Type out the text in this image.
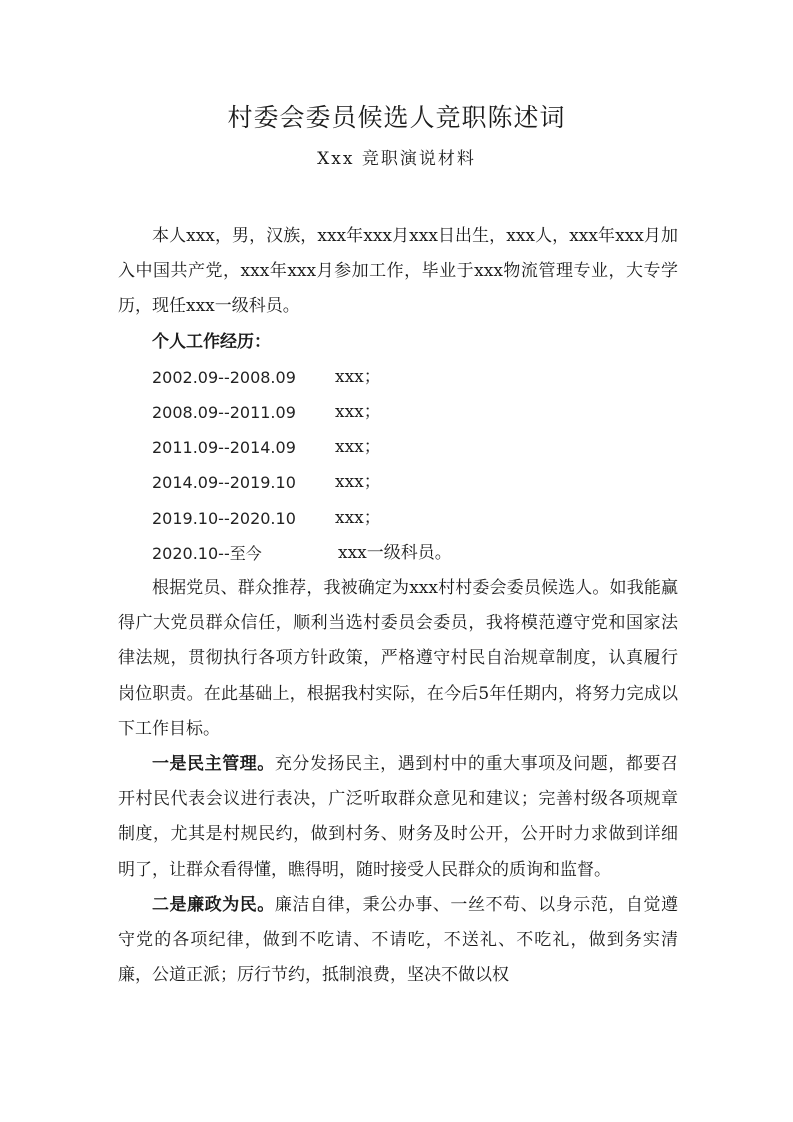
村委会委员候选人竞职陈述词
Xxx 竞职演说材料

本人xxx，男，汉族，xxx年xxx月xxx日出生，xxx人，xxx年xxx月加入中国共产党，xxx年xxx月参加工作，毕业于xxx物流管理专业，大专学历，现任xxx一级科员。

个人工作经历：

2002.09--2008.09	xxx；
2008.09--2011.09	xxx；
2011.09--2014.09	xxx；
2014.09--2019.10	xxx；
2019.10--2020.10	xxx；
2020.10--至今	xxx一级科员。

根据党员、群众推荐，我被确定为xxx村村委会委员候选人。如我能赢得广大党员群众信任，顺利当选村委员会委员，我将模范遵守党和国家法律法规，贯彻执行各项方针政策，严格遵守村民自治规章制度，认真履行岗位职责。在此基础上，根据我村实际，在今后5年任期内，将努力完成以下工作目标。

一是民主管理。充分发扬民主，遇到村中的重大事项及问题，都要召开村民代表会议进行表决，广泛听取群众意见和建议；完善村级各项规章制度，尤其是村规民约，做到村务、财务及时公开，公开时力求做到详细明了，让群众看得懂，瞧得明，随时接受人民群众的质询和监督。

二是廉政为民。廉洁自律，秉公办事、一丝不苟、以身示范，自觉遵守党的各项纪律，做到不吃请、不请吃，不送礼、不吃礼，做到务实清廉，公道正派；厉行节约，抵制浪费，坚决不做以权
